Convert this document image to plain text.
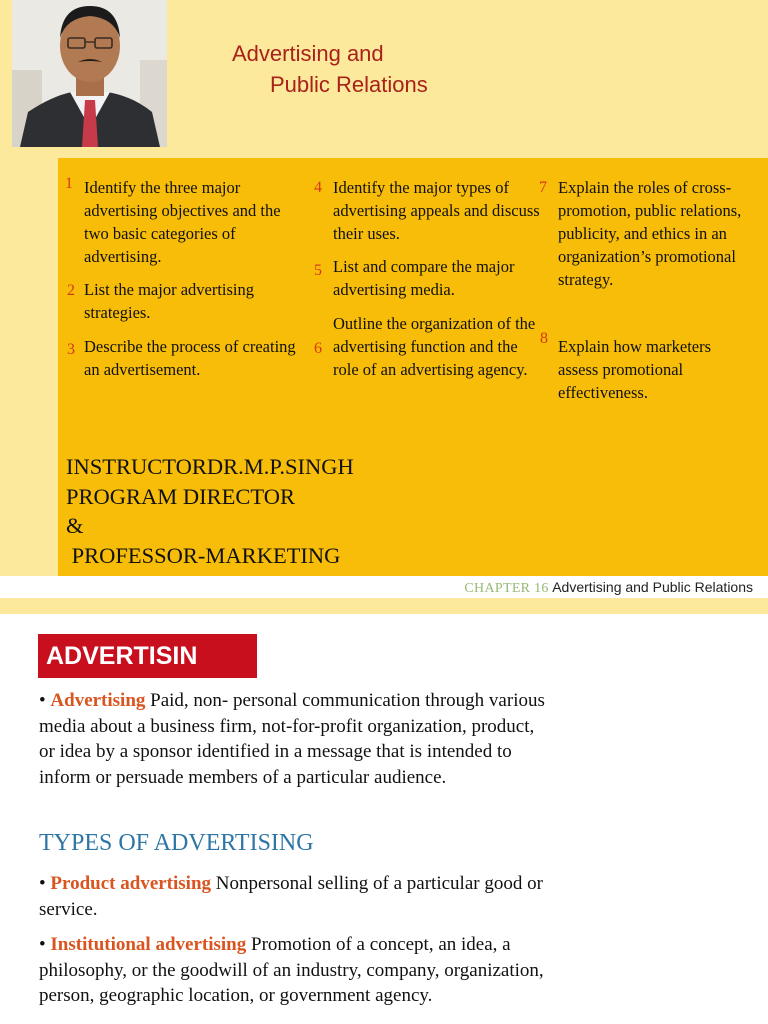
Advertising and
Public Relations
1 Identify the three major advertising objectives and the two basic categories of advertising.
2 List the major advertising strategies.
3 Describe the process of creating an advertisement.
4 Identify the major types of advertising appeals and discuss their uses.
5 List and compare the major advertising media.
6
Outline the organization of the advertising function and the role of an advertising agency.
7 Explain the roles of cross-promotion, public relations, publicity, and ethics in an organization’s promotional strategy.
8 Explain how marketers assess promotional effectiveness.
INSTRUCTORDR.M.P.SINGH
PROGRAM DIRECTOR
&
PROFESSOR-MARKETING
CHAPTER 16 Advertising and Public Relations
ADVERTISIN
• Advertising Paid, non- personal communication through various media about a business firm, not-for-profit organization, product, or idea by a sponsor identified in a message that is intended to inform or persuade members of a particular audience.
TYPES OF ADVERTISING
• Product advertising Nonpersonal selling of a particular good or service.
• Institutional advertising Promotion of a concept, an idea, a philosophy, or the goodwill of an industry, company, organization, person, geographic location, or government agency.
